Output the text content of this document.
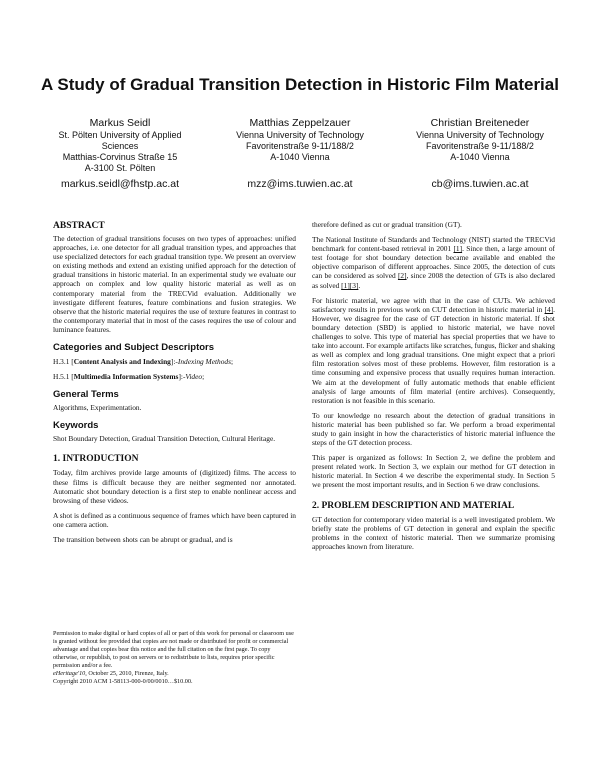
A Study of Gradual Transition Detection in Historic Film Material
Markus Seidl
St. Pölten University of Applied
Sciences
Matthias-Corvinus Straße 15
A-3100 St. Pölten
markus.seidl@fhstp.ac.at
Matthias Zeppelzauer
Vienna University of Technology
Favoritenstraße 9-11/188/2
A-1040 Vienna
mzz@ims.tuwien.ac.at
Christian Breiteneder
Vienna University of Technology
Favoritenstraße 9-11/188/2
A-1040 Vienna
cb@ims.tuwien.ac.at
ABSTRACT

The detection of gradual transitions focuses on two types of approaches: unified approaches, i.e. one detector for all gradual transition types, and approaches that use specialized detectors for each gradual transition type. We present an overview on existing methods and extend an existing unified approach for the detection of gradual transitions in historic material. In an experimental study we evaluate our approach on complex and low quality historic material as well as on contemporary material from the TRECVid evaluation. Additionally we investigate different features, feature combinations and fusion strategies. We observe that the historic material requires the use of texture features in contrast to the contemporary material that in most of the cases requires the use of colour and luminance features.

Categories and Subject Descriptors

H.3.1 [Content Analysis and Indexing]:-Indexing Methods;

H.5.1 [Multimedia Information Systems]:-Video;

General Terms

Algorithms, Experimentation.

Keywords

Shot Boundary Detection, Gradual Transition Detection, Cultural Heritage.

1. INTRODUCTION

Today, film archives provide large amounts of (digitized) films. The access to these films is difficult because they are neither segmented nor annotated. Automatic shot boundary detection is a first step to enable nonlinear access and browsing of these videos.

A shot is defined as a continuous sequence of frames which have been captured in one camera action.

The transition between shots can be abrupt or gradual, and is

Permission to make digital or hard copies of all or part of this work for personal or classroom use is granted without fee provided that copies are not made or distributed for profit or commercial advantage and that copies bear this notice and the full citation on the first page. To copy otherwise, or republish, to post on servers or to redistribute to lists, requires prior specific permission and/or a fee.

eHeritage'10, October 25, 2010, Firenze, Italy.

Copyright 2010 ACM 1-58113-000-0/00/0010…$10.00.

therefore defined as cut or gradual transition (GT).

The National Institute of Standards and Technology (NIST) started the TRECVid benchmark for content-based retrieval in 2001 [1]. Since then, a large amount of test footage for shot boundary detection became available and enabled the objective comparison of different approaches. Since 2005, the detection of cuts can be considered as solved [2], since 2008 the detection of GTs is also declared as solved [1][3].

For historic material, we agree with that in the case of CUTs. We achieved satisfactory results in previous work on CUT detection in historic material in [4]. However, we disagree for the case of GT detection in historic material. If shot boundary detection (SBD) is applied to historic material, we have novel challenges to solve. This type of material has special properties that we have to take into account. For example artifacts like scratches, fungus, flicker and shaking as well as complex and long gradual transitions. One might expect that a priori film restoration solves most of these problems. However, film restoration is a time consuming and expensive process that usually requires human interaction. We aim at the development of fully automatic methods that enable efficient analysis of large amounts of film material (entire archives). Consequently, restoration is not feasible in this scenario.

To our knowledge no research about the detection of gradual transitions in historic material has been published so far. We perform a broad experimental study to gain insight in how the characteristics of historic material influence the steps of the GT detection process.

This paper is organized as follows: In Section 2, we define the problem and present related work. In Section 3, we explain our method for GT detection in historic material. In Section 4 we describe the experimental study. In Section 5 we present the most important results, and in Section 6 we draw conclusions.

2. PROBLEM DESCRIPTION AND MATERIAL

GT detection for contemporary video material is a well investigated problem. We briefly state the problems of GT detection in general and explain the specific problems in the context of historic material. Then we summarize promising approaches known from literature.
